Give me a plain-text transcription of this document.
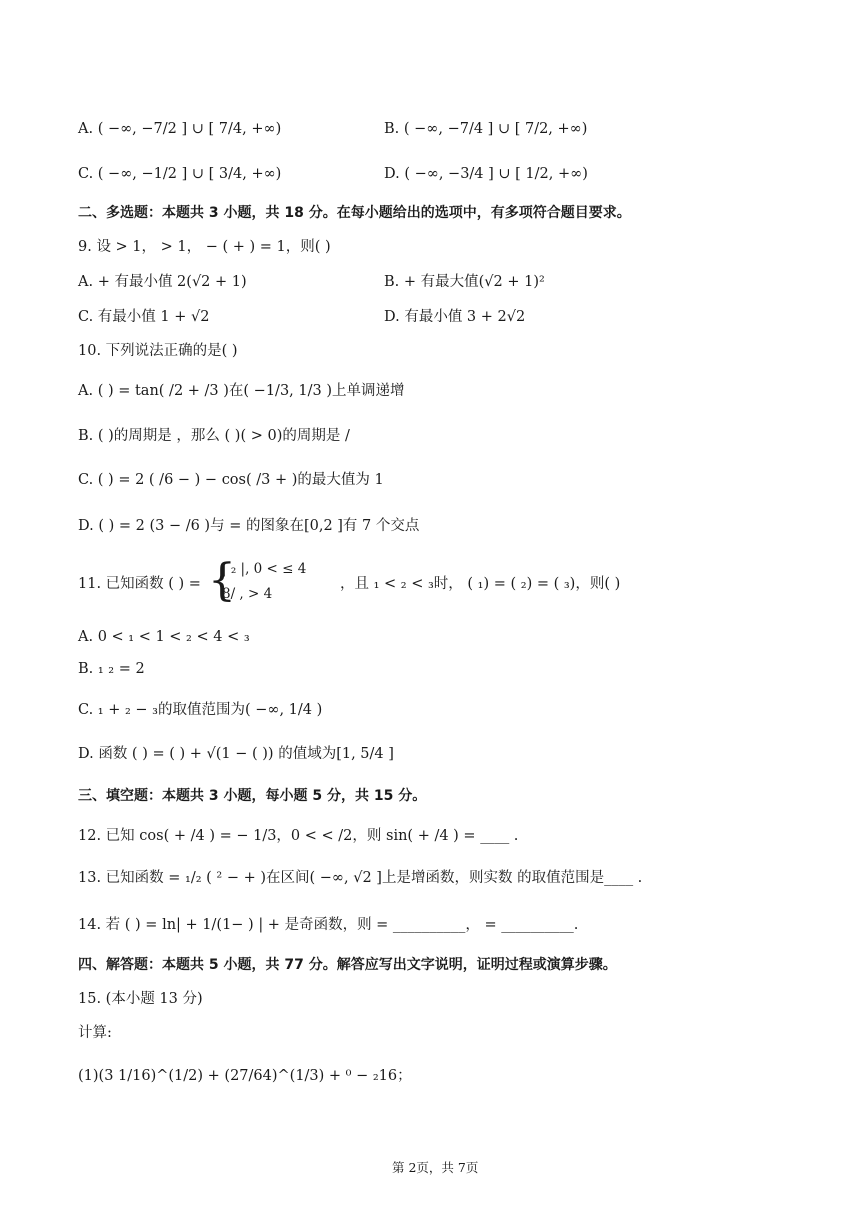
A. ( −∞, −7/2 ] ∪ [ 7/4, +∞)	B. ( −∞, −7/4 ] ∪ [ 7/2, +∞)
C. ( −∞, −1/2 ] ∪ [ 3/4, +∞)	D. ( −∞, −3/4 ] ∪ [ 1/2, +∞)
二、多选题：本题共 3 小题，共 18 分。在每小题给出的选项中，有多项符合题目要求。
9. 设 > 1， > 1， − ( + ) = 1，则( )
A. + 有最小值 2(√2 + 1)	B. + 有最大值(√2 + 1)²
C. 有最小值 1 + √2	D. 有最小值 3 + 2√2
10. 下列说法正确的是( )
A. ( ) = tan( /2 + /3 )在( −1/3, 1/3 )上单调递增
B. ( )的周期是 ，那么 ( )( > 0)的周期是 /
C. ( ) = 2 ( /6 − ) − cos( /3 + )的最大值为 1
D. ( ) = 2 (3 − /6 )与 = 的图象在[0,2 ]有 7 个交点
11. 已知函数 ( ) = {
| ₂ |, 0 < ≤ 4
8/ , > 4
，且 ₁ < ₂ < ₃时， ( ₁) = ( ₂) = ( ₃)，则( )
A. 0 < ₁ < 1 < ₂ < 4 < ₃
B. ₁ ₂ = 2
C. ₁ + ₂ − ₃的取值范围为( −∞, 1/4 )
D. 函数 ( ) = ( ) + √(1 − ( )) 的值域为[1, 5/4 ]
三、填空题：本题共 3 小题，每小题 5 分，共 15 分。
12. 已知 cos( + /4 ) = − 1/3，0 < < /2，则 sin( + /4 ) = ____ .
13. 已知函数 = ₁/₂ ( ² − + )在区间( −∞, √2 ]上是增函数，则实数 的取值范围是____ .
14. 若 ( ) = ln| + 1/(1− ) | + 是奇函数，则 = __________， = __________.
四、解答题：本题共 5 小题，共 77 分。解答应写出文字说明，证明过程或演算步骤。
15. (本小题 13 分)
计算:
(1)(3 1/16)^(1/2) + (27/64)^(1/3) + ⁰ − ₂16；
第 2页，共 7页
